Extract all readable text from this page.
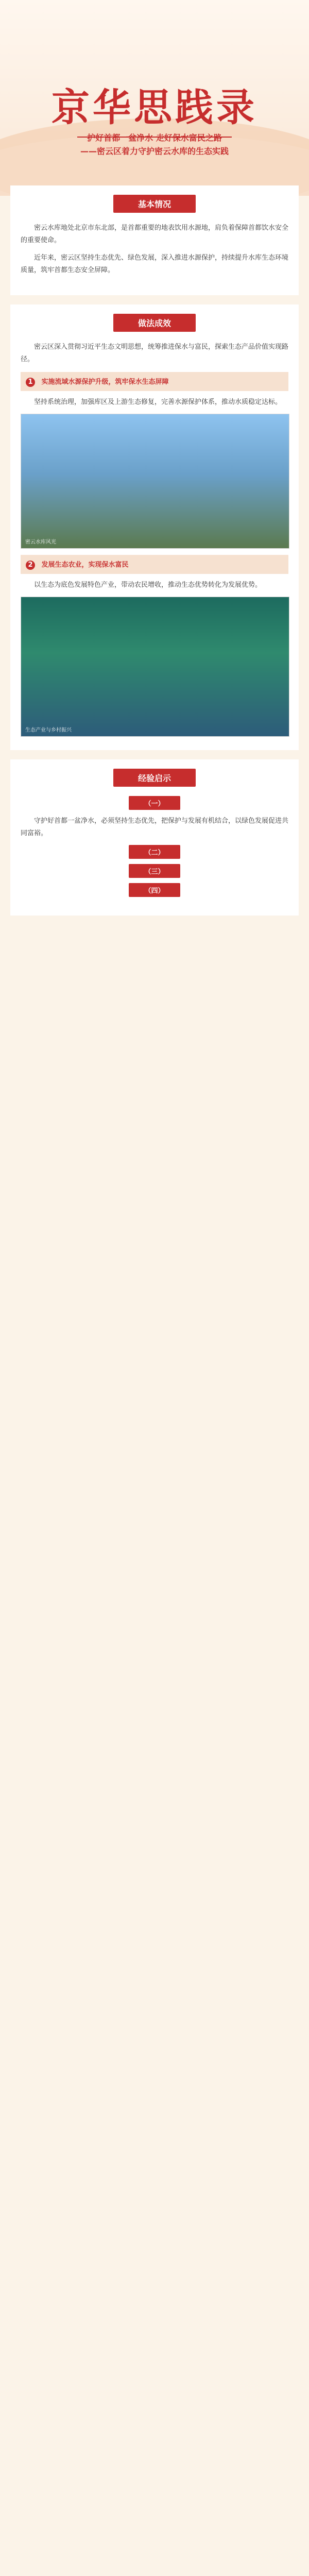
京华思践录
护好首都一盆净水 走好保水富民之路
——密云区着力守护密云水库的生态实践
基本情况

密云水库地处北京市东北部，是首都重要的地表饮用水源地，肩负着保障首都饮水安全的重要使命。

近年来，密云区坚持生态优先、绿色发展，深入推进水源保护，持续提升水库生态环境质量，筑牢首都生态安全屏障。

做法成效

密云区深入贯彻习近平生态文明思想，统筹推进保水与富民，探索生态产品价值实现路径。

1 实施流域水源保护升级，筑牢保水生态屏障

坚持系统治理，加强库区及上游生态修复，完善水源保护体系，推动水质稳定达标。

密云水库风光
2 发展生态农业，实现保水富民

以生态为底色发展特色产业，带动农民增收，推动生态优势转化为发展优势。

生态产业与乡村振兴
经验启示
（一）

守护好首都一盆净水，必须坚持生态优先，把保护与发展有机结合，以绿色发展促进共同富裕。

（二）
（三）
（四）
